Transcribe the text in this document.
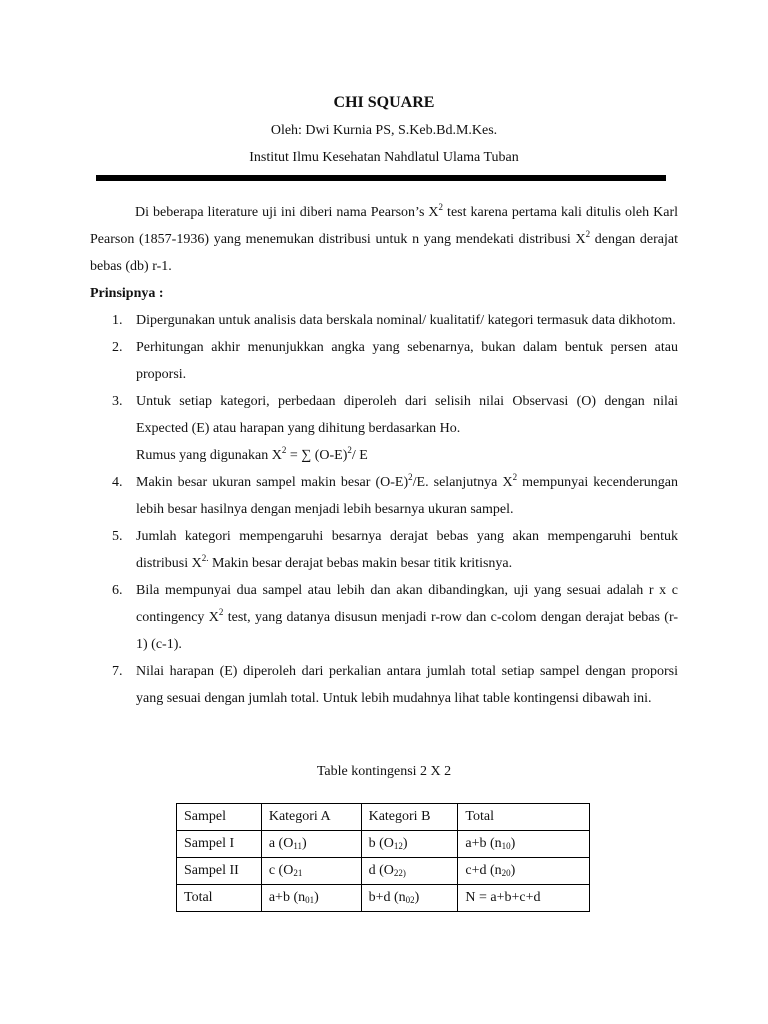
CHI SQUARE
Oleh: Dwi Kurnia PS, S.Keb.Bd.M.Kes.
Institut Ilmu Kesehatan Nahdlatul Ulama Tuban

Di beberapa literature uji ini diberi nama Pearson’s $X^2$ test karena pertama kali ditulis oleh Karl Pearson (1857-1936) yang menemukan distribusi untuk n yang mendekati distribusi $X^2$ dengan derajat bebas (db) r-1.

Prinsipnya :

1. Dipergunakan untuk analisis data berskala nominal/ kualitatif/ kategori termasuk data dikhotom.
2. Perhitungan akhir menunjukkan angka yang sebenarnya, bukan dalam bentuk persen atau proporsi.
3. Untuk setiap kategori, perbedaan diperoleh dari selisih nilai Observasi (O) dengan nilai Expected (E) atau harapan yang dihitung berdasarkan Ho.
Rumus yang digunakan $X^2$ = ∑ $(O-E)^2/$ E
4. Makin besar ukuran sampel makin besar $(O-E)^2/E$. selanjutnya $X^2$ mempunyai kecenderungan lebih besar hasilnya dengan menjadi lebih besarnya ukuran sampel.
5. Jumlah kategori mempengaruhi besarnya derajat bebas yang akan mempengaruhi bentuk distribusi $X^{2.}$ Makin besar derajat bebas makin besar titik kritisnya.
6. Bila mempunyai dua sampel atau lebih dan akan dibandingkan, uji yang sesuai adalah r x c contingency $X^2$ test, yang datanya disusun menjadi r-row dan c-colom dengan derajat bebas (r-1) (c-1).
7. Nilai harapan (E) diperoleh dari perkalian antara jumlah total setiap sampel dengan proporsi yang sesuai dengan jumlah total. Untuk lebih mudahnya lihat table kontingensi dibawah ini.
Table kontingensi 2 X 2
Sampel	Kategori A	Kategori B	Total
Sampel I	a $(O_{11})$	b $(O_{12})$	a+b $(n_{10})$
Sampel II	c ($O_{21}$	d ($O_{22)}$	c+d $(n_{20})$
Total	a+b $(n_{01})$	b+d $(n_{02})$	N = a+b+c+d
